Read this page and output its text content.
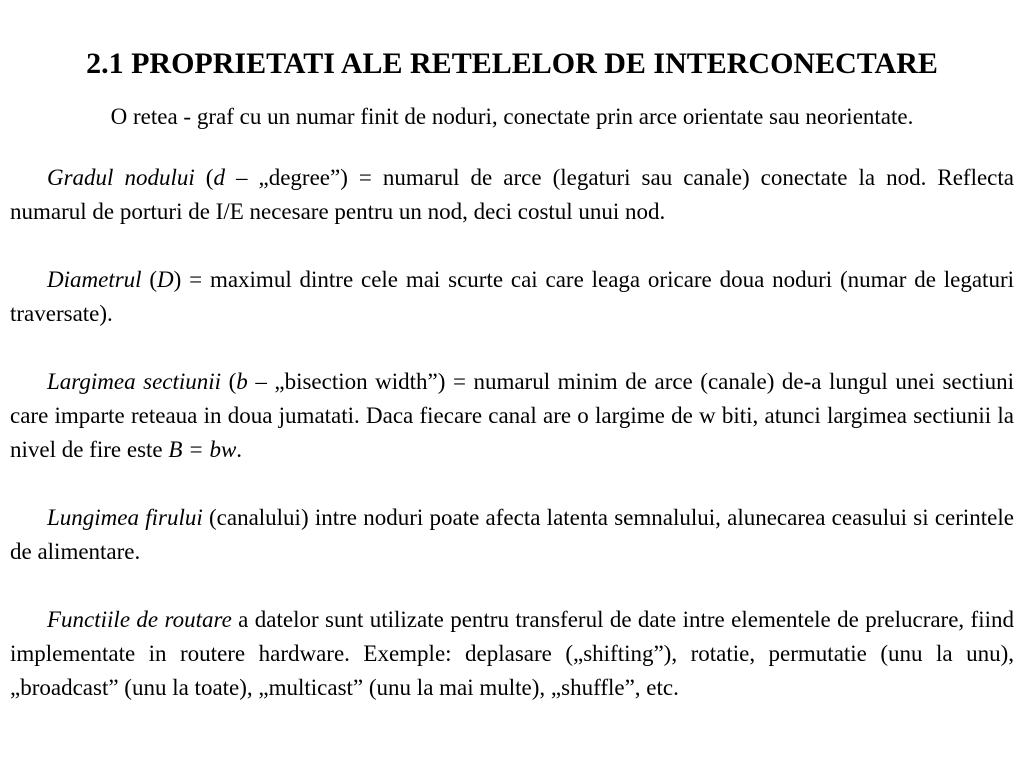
2.1 PROPRIETATI ALE RETELELOR DE INTERCONECTARE

O retea - graf cu un numar finit de noduri, conectate prin arce orientate sau neorientate.

Gradul nodului (d – „degree”) = numarul de arce (legaturi sau canale) conectate la nod. Reflecta numarul de porturi de I/E necesare pentru un nod, deci costul unui nod.

Diametrul (D) = maximul dintre cele mai scurte cai care leaga oricare doua noduri (numar de legaturi traversate).

Largimea sectiunii (b – „bisection width”) = numarul minim de arce (canale) de-a lungul unei sectiuni care imparte reteaua in doua jumatati. Daca fiecare canal are o largime de w biti, atunci largimea sectiunii la nivel de fire este B = bw.

Lungimea firului (canalului) intre noduri poate afecta latenta semnalului, alunecarea ceasului si cerintele de alimentare.

Functiile de routare a datelor sunt utilizate pentru transferul de date intre elementele de prelucrare, fiind implementate in routere hardware. Exemple: deplasare („shifting”), rotatie, permutatie (unu la unu), „broadcast” (unu la toate), „multicast” (unu la mai multe), „shuffle”, etc.
